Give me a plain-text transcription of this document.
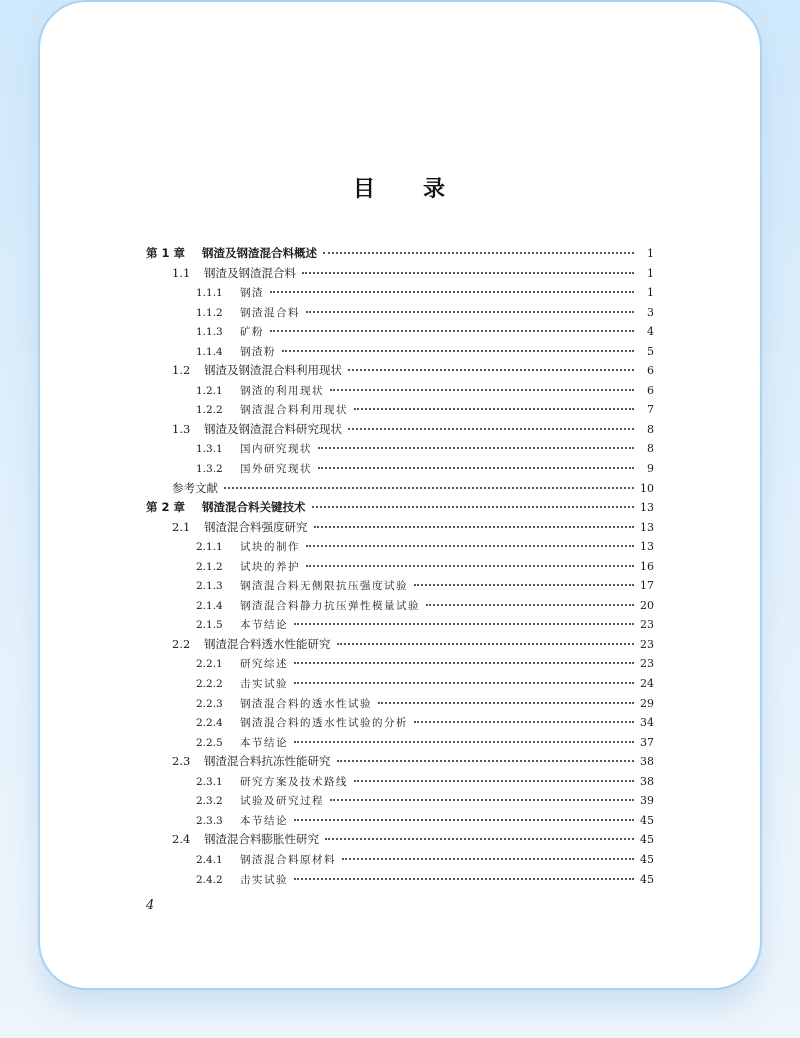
目 录
第 1 章	钢渣及钢渣混合料概述	1
1.1	钢渣及钢渣混合料	1
1.1.1	钢渣	1
1.1.2	钢渣混合料	3
1.1.3	矿粉	4
1.1.4	钢渣粉	5
1.2	钢渣及钢渣混合料利用现状	6
1.2.1	钢渣的利用现状	6
1.2.2	钢渣混合料利用现状	7
1.3	钢渣及钢渣混合料研究现状	8
1.3.1	国内研究现状	8
1.3.2	国外研究现状	9
参考文献	10
第 2 章	钢渣混合料关键技术	13
2.1	钢渣混合料强度研究	13
2.1.1	试块的制作	13
2.1.2	试块的养护	16
2.1.3	钢渣混合料无侧限抗压强度试验	17
2.1.4	钢渣混合料静力抗压弹性模量试验	20
2.1.5	本节结论	23
2.2	钢渣混合料透水性能研究	23
2.2.1	研究综述	23
2.2.2	击实试验	24
2.2.3	钢渣混合料的透水性试验	29
2.2.4	钢渣混合料的透水性试验的分析	34
2.2.5	本节结论	37
2.3	钢渣混合料抗冻性能研究	38
2.3.1	研究方案及技术路线	38
2.3.2	试验及研究过程	39
2.3.3	本节结论	45
2.4	钢渣混合料膨胀性研究	45
2.4.1	钢渣混合料原材料	45
2.4.2	击实试验	45
4
